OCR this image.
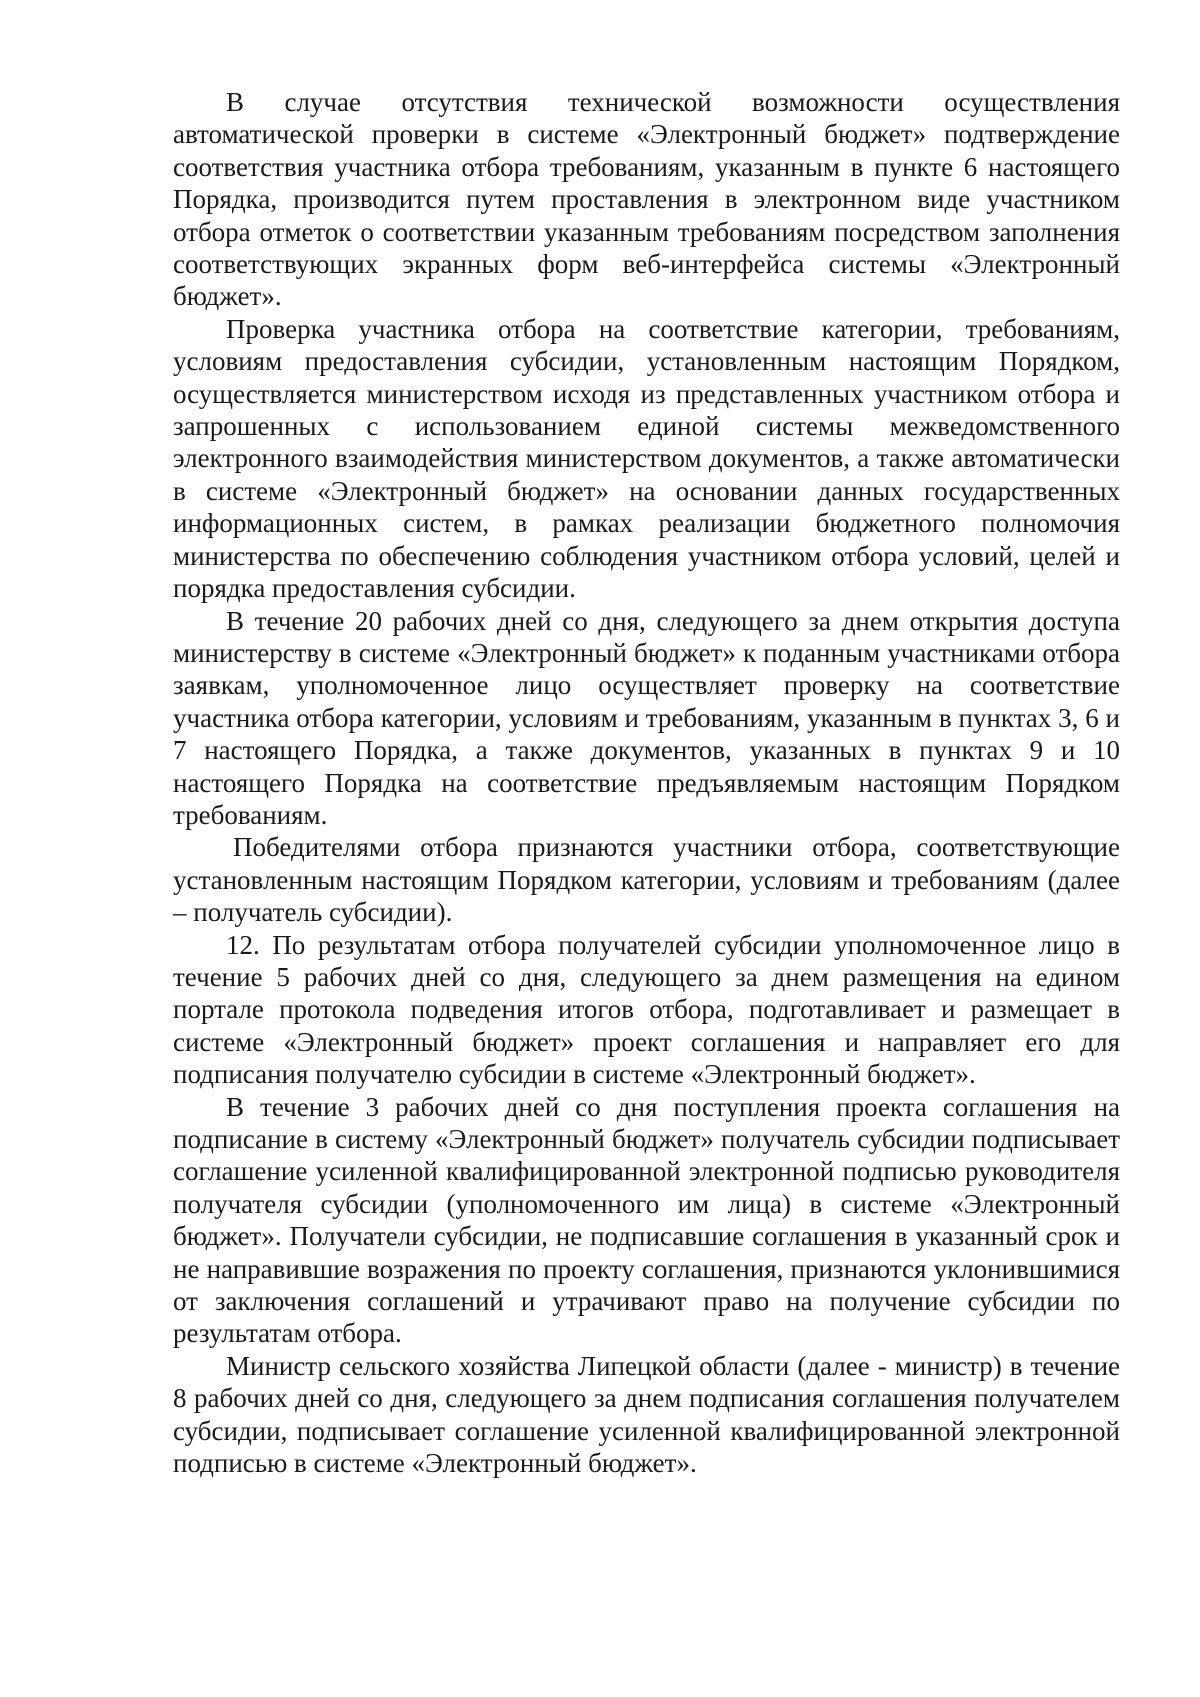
В случае отсутствия технической возможности осуществления автоматической проверки в системе «Электронный бюджет» подтверждение соответствия участника отбора требованиям, указанным в пункте 6 настоящего Порядка, производится путем проставления в электронном виде участником отбора отметок о соответствии указанным требованиям посредством заполнения соответствующих экранных форм веб-интерфейса системы «Электронный бюджет».

Проверка участника отбора на соответствие категории, требованиям, условиям предоставления субсидии, установленным настоящим Порядком, осуществляется министерством исходя из представленных участником отбора и запрошенных с использованием единой системы межведомственного электронного взаимодействия министерством документов, а также автоматически в системе «Электронный бюджет» на основании данных государственных информационных систем, в рамках реализации бюджетного полномочия министерства по обеспечению соблюдения участником отбора условий, целей и порядка предоставления субсидии.

В течение 20 рабочих дней со дня, следующего за днем открытия доступа министерству в системе «Электронный бюджет» к поданным участниками отбора заявкам, уполномоченное лицо осуществляет проверку на соответствие участника отбора категории, условиям и требованиям, указанным в пунктах 3, 6 и 7 настоящего Порядка, а также документов, указанных в пунктах 9 и 10 настоящего Порядка на соответствие предъявляемым настоящим Порядком требованиям.

Победителями отбора признаются участники отбора, соответствующие установленным настоящим Порядком категории, условиям и требованиям (далее – получатель субсидии).

12. По результатам отбора получателей субсидии уполномоченное лицо в течение 5 рабочих дней со дня, следующего за днем размещения на едином портале протокола подведения итогов отбора, подготавливает и размещает в системе «Электронный бюджет» проект соглашения и направляет его для подписания получателю субсидии в системе «Электронный бюджет».

В течение 3 рабочих дней со дня поступления проекта соглашения на подписание в систему «Электронный бюджет» получатель субсидии подписывает соглашение усиленной квалифицированной электронной подписью руководителя получателя субсидии (уполномоченного им лица) в системе «Электронный бюджет». Получатели субсидии, не подписавшие соглашения в указанный срок и не направившие возражения по проекту соглашения, признаются уклонившимися от заключения соглашений и утрачивают право на получение субсидии по результатам отбора.

Министр сельского хозяйства Липецкой области (далее - министр) в течение 8 рабочих дней со дня, следующего за днем подписания соглашения получателем субсидии, подписывает соглашение усиленной квалифицированной электронной подписью в системе «Электронный бюджет».
